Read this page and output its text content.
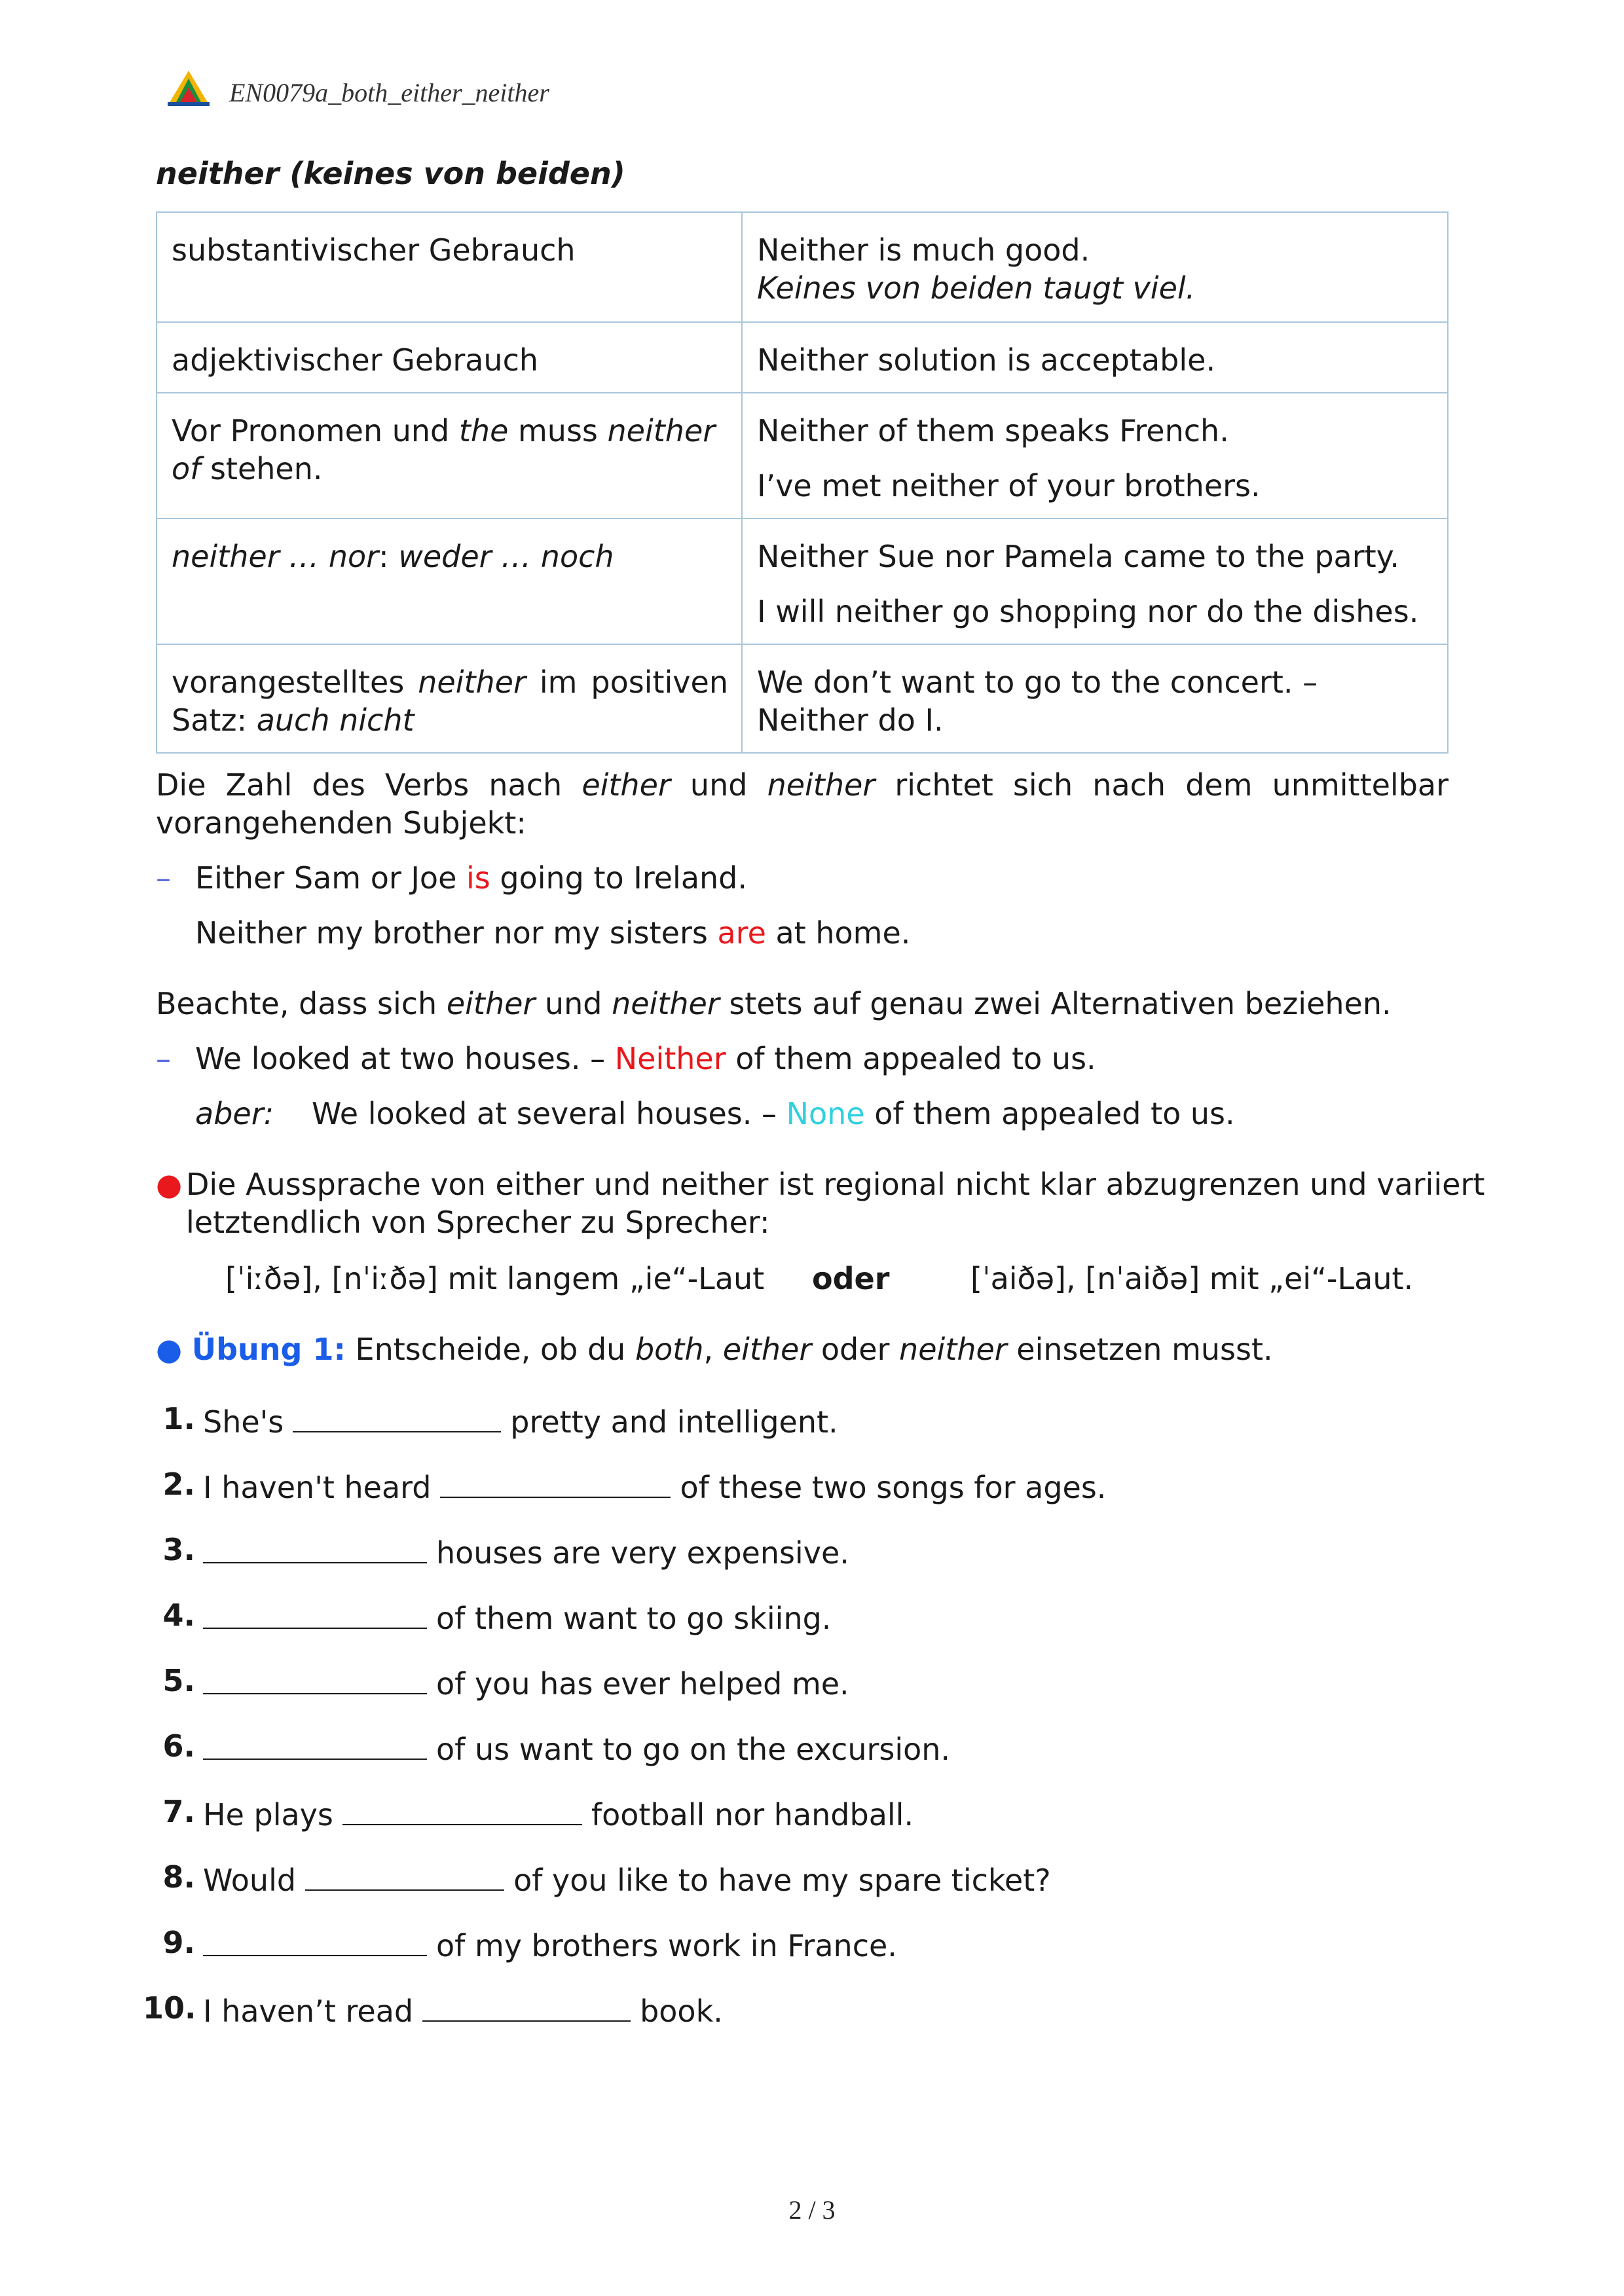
EN0079a_both_either_neither
neither (keines von beiden)
substantivischer Gebrauch	Neither is much good.
Keines von beiden taugt viel.
adjektivischer Gebrauch	Neither solution is acceptable.
Vor Pronomen und the muss neither of stehen.	Neither of them speaks French.
I’ve met neither of your brothers.

neither … nor: weder … noch	Neither Sue nor Pamela came to the party.
I will neither go shopping nor do the dishes.

vorangestelltes neither im positiven Satz: auch nicht	We don’t want to go to the concert. –
Neither do I.
Die Zahl des Verbs nach either und neither richtet sich nach dem unmittelbar
vorangehenden Subjekt:
– Either Sam or Joe is going to Ireland.
Neither my brother nor my sisters are at home.
Beachte, dass sich either und neither stets auf genau zwei Alternativen beziehen.
– We looked at two houses. – Neither of them appealed to us.
aber: We looked at several houses. – None of them appealed to us.
● Die Aussprache von either und neither ist regional nicht klar abzugrenzen und variiert
letztendlich von Sprecher zu Sprecher:
[ˈiːðə], [nˈiːðə] mit langem „ie“-Laut oder	[ˈaiðə], [nˈaiðə] mit „ei“-Laut.
● Übung 1: Entscheide, ob du both, either oder neither einsetzen musst.
1. She's	pretty and intelligent.
2. I haven't heard	of these two songs for ages.
3.	houses are very expensive.
4.	of them want to go skiing.
5.	of you has ever helped me.
6.	of us want to go on the excursion.
7. He plays	football nor handball.
8. Would	of you like to have my spare ticket?
9.	of my brothers work in France.
10. I haven’t read	book.
2 / 3
